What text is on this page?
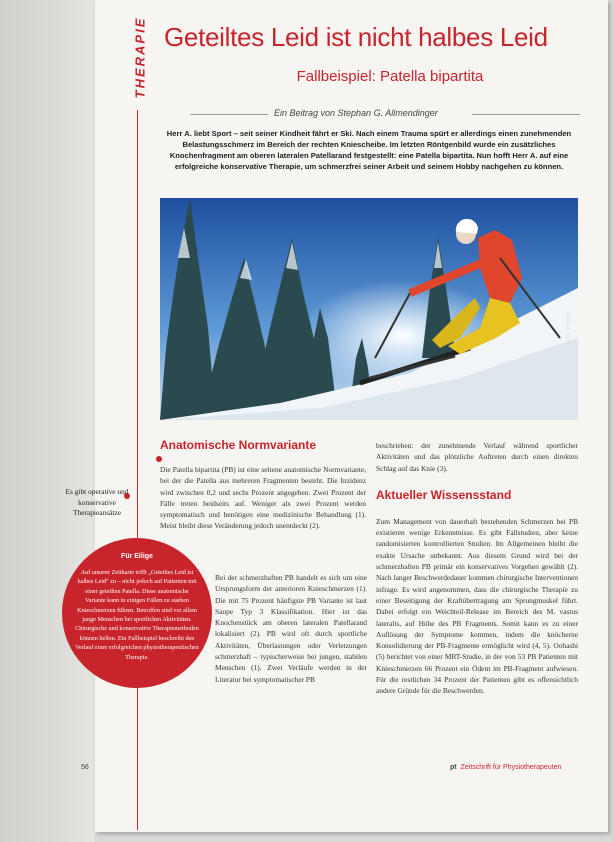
THERAPIE Geteiltes Leid ist nicht halbes Leid
Fallbeispiel: Patella bipartita
Ein Beitrag von Stephan G. Allmendinger
Herr A. liebt Sport – seit seiner Kindheit fährt er Ski. Nach einem Trauma spürt er allerdings einen zunehmenden Belastungsschmerz im Bereich der rechten Kniescheibe. Im letzten Röntgenbild wurde ein zusätzliches Knochenfragment am oberen lateralen Patellarand festgestellt: eine Patella bipartita. Nun hofft Herr A. auf eine erfolgreiche konservative Therapie, um schmerzfrei seiner Arbeit und seinem Hobby nachgehen zu können.
Foto: Fotolia
Anatomische Normvariante
Die Patella bipartita (PB) ist eine seltene anatomische Normvariante, bei der die Patella aus mehreren Fragmenten besteht. Die Inzidenz wird zwischen 0,2 und sechs Prozent angegeben. Zwei Prozent der Fälle treten beidseits auf. Weniger als zwei Prozent werden symptomatisch und benötigen eine medizinische Behandlung (1). Meist bleibt diese Veränderung jedoch unentdeckt (2).
Bei der schmerzhaften PB handelt es sich um eine Ursprungsform der anterioren Knieschmerzen (1). Die mit 75 Prozent häufigste PB Variante ist laut Saupe Typ 3 Klassifikation. Hier ist das Knochenstück am oberen lateralen Patellarand lokalisiert (2). PB wird oft durch sportliche Aktivitäten, Überlastungen oder Verletzungen schmerzhaft – typischerweise bei jungen, stabilen Menschen (1). Zwei Verläufe werden in der Literatur bei symptomatischer PB
Es gibt operative und konservative Therapieansätze
Für Eilige
Auf unserer Zeitkarte trifft „Geteiltes Leid ist halbes Leid" zu – nicht jedoch auf Patienten mit einer geteilten Patella. Diese anatomische Variante kann in einigen Fällen zu starken Knieschmerzen führen. Betroffen sind vor allem junge Menschen bei sportlichen Aktivitäten. Chirurgische und konservative Therapiemethoden können helfen. Ein Fallbeispiel beschreibt den Verlauf einer erfolgreichen physiotherapeutischen Therapie.
beschrieben: der zunehmende Verlauf während sportlicher Aktivitäten und das plötzliche Auftreten durch einen direkten Schlag auf das Knie (3).
Aktueller Wissensstand
Zum Management von dauerhaft bestehenden Schmerzen bei PB existieren wenige Erkenntnisse. Es gibt Fallstudien, aber keine randomisierten kontrollierten Studien. Im Allgemeinen bleibt die exakte Ursache unbekannt. Aus diesem Grund wird bei der schmerzhaften PB primär ein konservatives Vorgehen gewählt (2). Nach langer Beschwerdedauer kommen chirurgische Interventionen infrage. Es wird angenommen, dass die chirurgische Therapie zu einer Beseitigung der Kraftübertragung am Sprungmuskel führt. Dabei erfolgt ein Weichteil-Release im Bereich des M. vastus lateralis, auf Höhe des PB Fragments. Somit kann es zu einer Auflösung der Symptome kommen, indem die knöcherne Konsolidierung der PB-Fragmente ermöglicht wird (4, 5). Oohashi (5) berichtet von einer MRT-Studie, in der von 53 PB Patienten mit Knieschmerzen 66 Prozent ein Ödem im PB-Fragment aufwiesen. Für die restlichen 34 Prozent der Patienten gibt es offensichtlich andere Gründe für die Beschwerden.
56	pt Zeitschrift für Physiotherapeuten
